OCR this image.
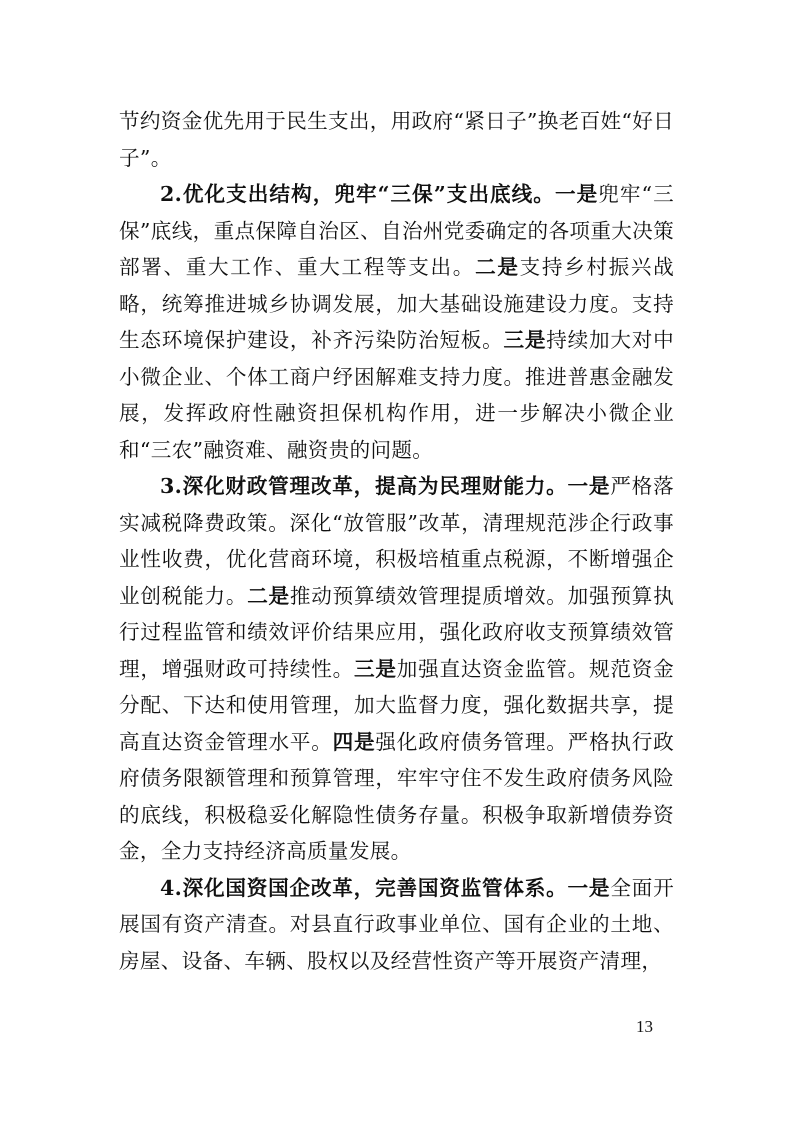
节约资金优先用于民生支出，用政府“紧日子”换老百姓“好日子”。

2.优化支出结构，兜牢“三保”支出底线。一是兜牢“三保”底线，重点保障自治区、自治州党委确定的各项重大决策部署、重大工作、重大工程等支出。二是支持乡村振兴战略，统筹推进城乡协调发展，加大基础设施建设力度。支持生态环境保护建设，补齐污染防治短板。三是持续加大对中小微企业、个体工商户纾困解难支持力度。推进普惠金融发展，发挥政府性融资担保机构作用，进一步解决小微企业和“三农”融资难、融资贵的问题。

3.深化财政管理改革，提高为民理财能力。一是严格落实减税降费政策。深化“放管服”改革，清理规范涉企行政事业性收费，优化营商环境，积极培植重点税源，不断增强企业创税能力。二是推动预算绩效管理提质增效。加强预算执行过程监管和绩效评价结果应用，强化政府收支预算绩效管理，增强财政可持续性。三是加强直达资金监管。规范资金分配、下达和使用管理，加大监督力度，强化数据共享，提高直达资金管理水平。四是强化政府债务管理。严格执行政府债务限额管理和预算管理，牢牢守住不发生政府债务风险的底线，积极稳妥化解隐性债务存量。积极争取新增债券资金，全力支持经济高质量发展。

4.深化国资国企改革，完善国资监管体系。一是全面开展国有资产清查。对县直行政事业单位、国有企业的土地、房屋、设备、车辆、股权以及经营性资产等开展资产清理，

13
